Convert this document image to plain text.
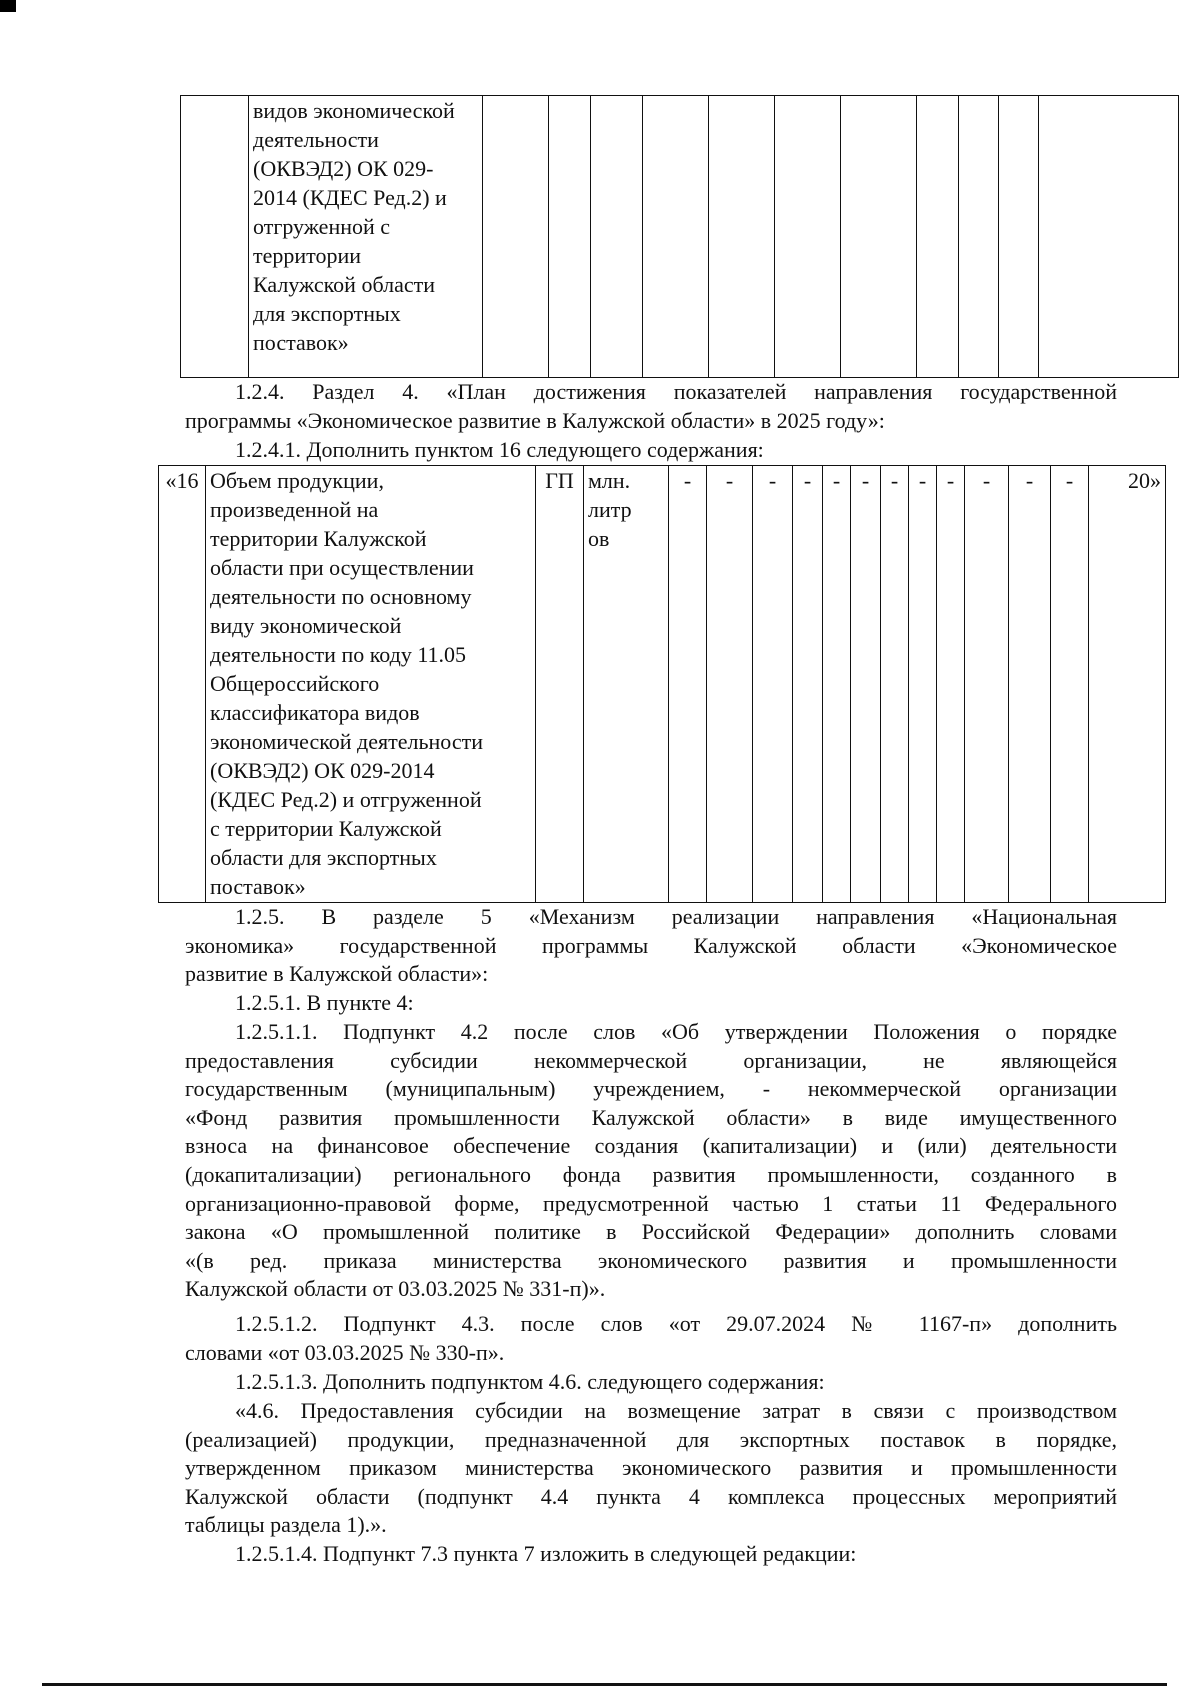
видов экономической
деятельности
(ОКВЭД2) ОК 029-
2014 (КДЕС Ред.2) и
отгруженной с
территории
Калужской области
для экспортных
поставок»

1.2.4. Раздел 4. «План достижения показателей направления государственной
программы «Экономическое развитие в Калужской области» в 2025 году»:
1.2.4.1. Дополнить пунктом 16 следующего содержания:
«16	Объем продукции,
произведенной на
территории Калужской
области при осуществлении
деятельности по основному
виду экономической
деятельности по коду 11.05
Общероссийского
классификатора видов
экономической деятельности
(ОКВЭД2) ОК 029-2014
(КДЕС Ред.2) и отгруженной
с территории Калужской
области для экспортных
поставок»
	ГП	млн.
литр
ов
	-	-	-	-	-	-	-	-	-	-	-	-	20»
1.2.5. В разделе 5 «Механизм реализации направления «Национальная
экономика» государственной программы Калужской области «Экономическое
развитие в Калужской области»:
1.2.5.1. В пункте 4:
1.2.5.1.1. Подпункт 4.2 после слов «Об утверждении Положения о порядке
предоставления субсидии некоммерческой организации, не являющейся
государственным (муниципальным) учреждением, - некоммерческой организации
«Фонд развития промышленности Калужской области» в виде имущественного
взноса на финансовое обеспечение создания (капитализации) и (или) деятельности
(докапитализации) регионального фонда развития промышленности, созданного в
организационно-правовой форме, предусмотренной частью 1 статьи 11 Федерального
закона «О промышленной политике в Российской Федерации» дополнить словами
«(в ред. приказа министерства экономического развития и промышленности
Калужской области от 03.03.2025 № 331-п)».
1.2.5.1.2. Подпункт 4.3. после слов «от 29.07.2024 № 1167-п» дополнить
словами «от 03.03.2025 № 330-п».
1.2.5.1.3. Дополнить подпунктом 4.6. следующего содержания:
«4.6. Предоставления субсидии на возмещение затрат в связи с производством
(реализацией) продукции, предназначенной для экспортных поставок в порядке,
утвержденном приказом министерства экономического развития и промышленности
Калужской области (подпункт 4.4 пункта 4 комплекса процессных мероприятий
таблицы раздела 1).».
1.2.5.1.4. Подпункт 7.3 пункта 7 изложить в следующей редакции:
